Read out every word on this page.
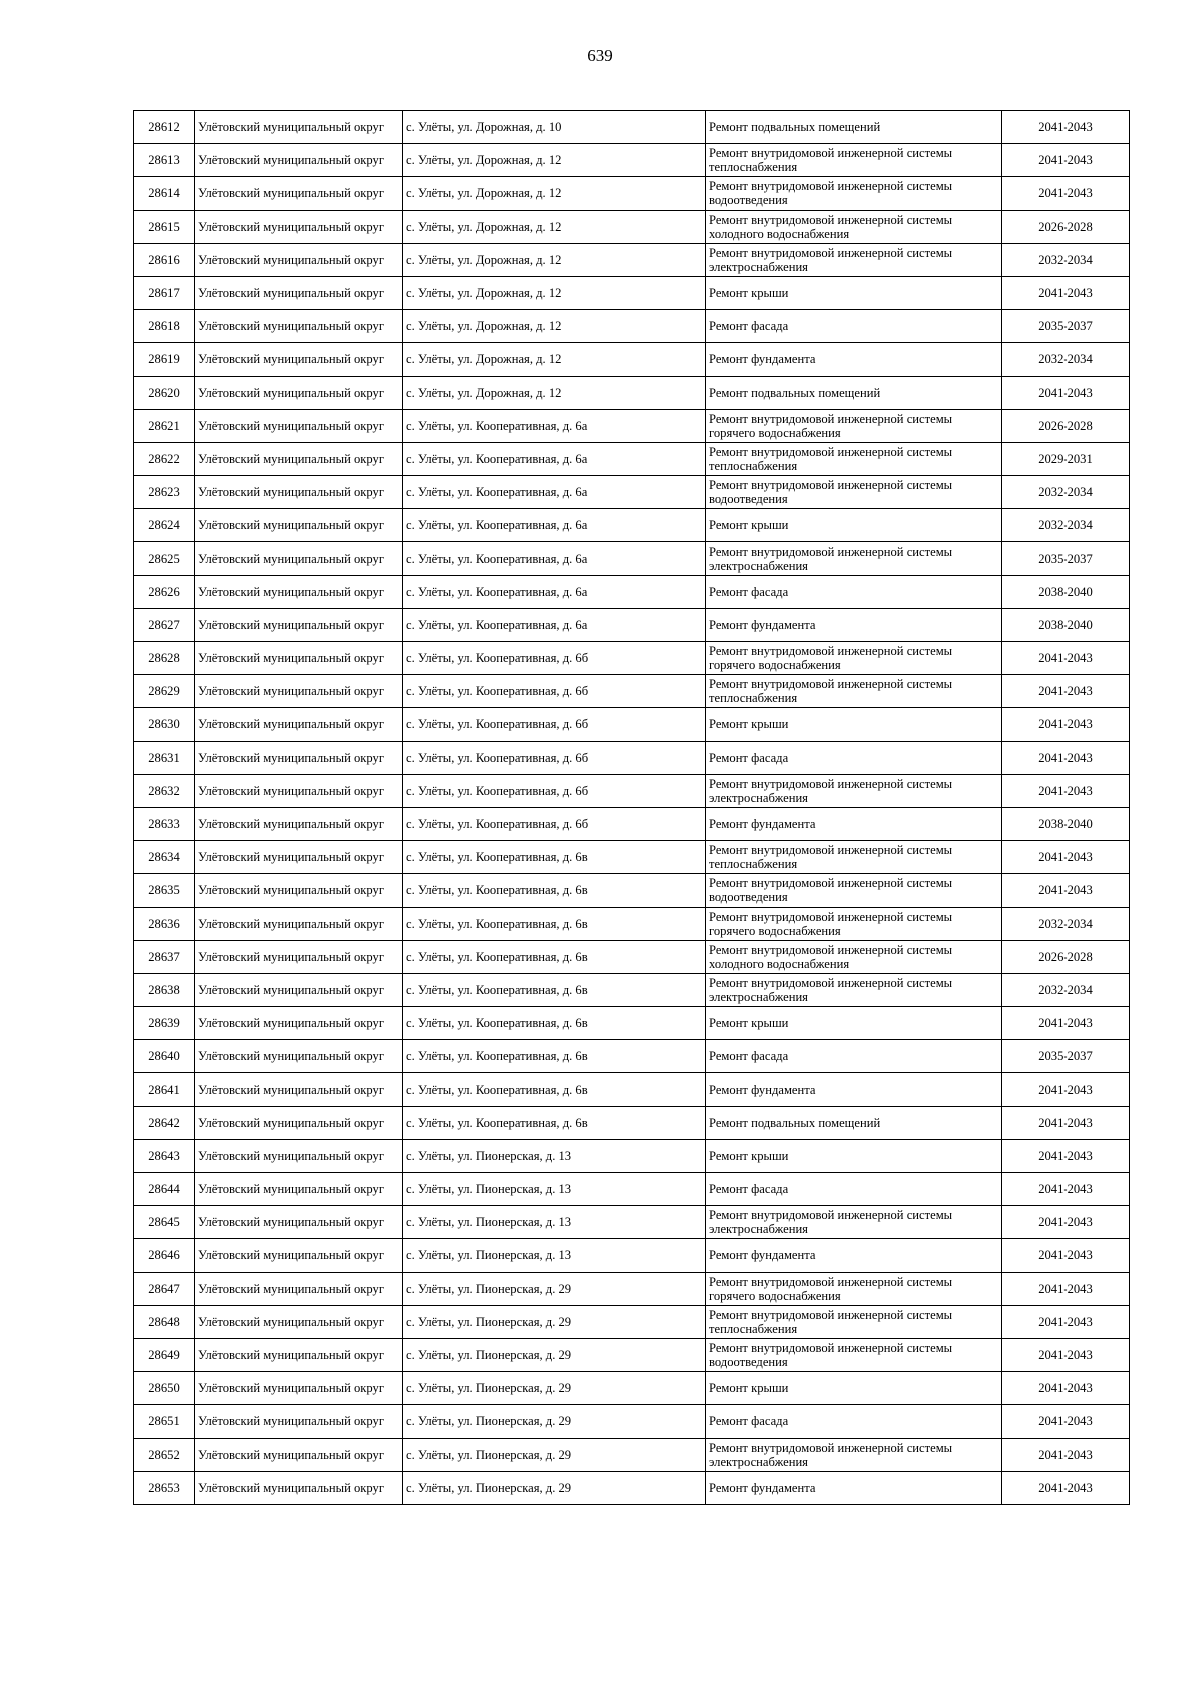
639
28612	Улётовский муниципальный округ	с. Улёты, ул. Дорожная, д. 10	Ремонт подвальных помещений	2041-2043
28613	Улётовский муниципальный округ	с. Улёты, ул. Дорожная, д. 12	Ремонт внутридомовой инженерной системы теплоснабжения	2041-2043
28614	Улётовский муниципальный округ	с. Улёты, ул. Дорожная, д. 12	Ремонт внутридомовой инженерной системы водоотведения	2041-2043
28615	Улётовский муниципальный округ	с. Улёты, ул. Дорожная, д. 12	Ремонт внутридомовой инженерной системы холодного водоснабжения	2026-2028
28616	Улётовский муниципальный округ	с. Улёты, ул. Дорожная, д. 12	Ремонт внутридомовой инженерной системы электроснабжения	2032-2034
28617	Улётовский муниципальный округ	с. Улёты, ул. Дорожная, д. 12	Ремонт крыши	2041-2043
28618	Улётовский муниципальный округ	с. Улёты, ул. Дорожная, д. 12	Ремонт фасада	2035-2037
28619	Улётовский муниципальный округ	с. Улёты, ул. Дорожная, д. 12	Ремонт фундамента	2032-2034
28620	Улётовский муниципальный округ	с. Улёты, ул. Дорожная, д. 12	Ремонт подвальных помещений	2041-2043
28621	Улётовский муниципальный округ	с. Улёты, ул. Кооперативная, д. 6а	Ремонт внутридомовой инженерной системы горячего водоснабжения	2026-2028
28622	Улётовский муниципальный округ	с. Улёты, ул. Кооперативная, д. 6а	Ремонт внутридомовой инженерной системы теплоснабжения	2029-2031
28623	Улётовский муниципальный округ	с. Улёты, ул. Кооперативная, д. 6а	Ремонт внутридомовой инженерной системы водоотведения	2032-2034
28624	Улётовский муниципальный округ	с. Улёты, ул. Кооперативная, д. 6а	Ремонт крыши	2032-2034
28625	Улётовский муниципальный округ	с. Улёты, ул. Кооперативная, д. 6а	Ремонт внутридомовой инженерной системы электроснабжения	2035-2037
28626	Улётовский муниципальный округ	с. Улёты, ул. Кооперативная, д. 6а	Ремонт фасада	2038-2040
28627	Улётовский муниципальный округ	с. Улёты, ул. Кооперативная, д. 6а	Ремонт фундамента	2038-2040
28628	Улётовский муниципальный округ	с. Улёты, ул. Кооперативная, д. 6б	Ремонт внутридомовой инженерной системы горячего водоснабжения	2041-2043
28629	Улётовский муниципальный округ	с. Улёты, ул. Кооперативная, д. 6б	Ремонт внутридомовой инженерной системы теплоснабжения	2041-2043
28630	Улётовский муниципальный округ	с. Улёты, ул. Кооперативная, д. 6б	Ремонт крыши	2041-2043
28631	Улётовский муниципальный округ	с. Улёты, ул. Кооперативная, д. 6б	Ремонт фасада	2041-2043
28632	Улётовский муниципальный округ	с. Улёты, ул. Кооперативная, д. 6б	Ремонт внутридомовой инженерной системы электроснабжения	2041-2043
28633	Улётовский муниципальный округ	с. Улёты, ул. Кооперативная, д. 6б	Ремонт фундамента	2038-2040
28634	Улётовский муниципальный округ	с. Улёты, ул. Кооперативная, д. 6в	Ремонт внутридомовой инженерной системы теплоснабжения	2041-2043
28635	Улётовский муниципальный округ	с. Улёты, ул. Кооперативная, д. 6в	Ремонт внутридомовой инженерной системы водоотведения	2041-2043
28636	Улётовский муниципальный округ	с. Улёты, ул. Кооперативная, д. 6в	Ремонт внутридомовой инженерной системы горячего водоснабжения	2032-2034
28637	Улётовский муниципальный округ	с. Улёты, ул. Кооперативная, д. 6в	Ремонт внутридомовой инженерной системы холодного водоснабжения	2026-2028
28638	Улётовский муниципальный округ	с. Улёты, ул. Кооперативная, д. 6в	Ремонт внутридомовой инженерной системы электроснабжения	2032-2034
28639	Улётовский муниципальный округ	с. Улёты, ул. Кооперативная, д. 6в	Ремонт крыши	2041-2043
28640	Улётовский муниципальный округ	с. Улёты, ул. Кооперативная, д. 6в	Ремонт фасада	2035-2037
28641	Улётовский муниципальный округ	с. Улёты, ул. Кооперативная, д. 6в	Ремонт фундамента	2041-2043
28642	Улётовский муниципальный округ	с. Улёты, ул. Кооперативная, д. 6в	Ремонт подвальных помещений	2041-2043
28643	Улётовский муниципальный округ	с. Улёты, ул. Пионерская, д. 13	Ремонт крыши	2041-2043
28644	Улётовский муниципальный округ	с. Улёты, ул. Пионерская, д. 13	Ремонт фасада	2041-2043
28645	Улётовский муниципальный округ	с. Улёты, ул. Пионерская, д. 13	Ремонт внутридомовой инженерной системы электроснабжения	2041-2043
28646	Улётовский муниципальный округ	с. Улёты, ул. Пионерская, д. 13	Ремонт фундамента	2041-2043
28647	Улётовский муниципальный округ	с. Улёты, ул. Пионерская, д. 29	Ремонт внутридомовой инженерной системы горячего водоснабжения	2041-2043
28648	Улётовский муниципальный округ	с. Улёты, ул. Пионерская, д. 29	Ремонт внутридомовой инженерной системы теплоснабжения	2041-2043
28649	Улётовский муниципальный округ	с. Улёты, ул. Пионерская, д. 29	Ремонт внутридомовой инженерной системы водоотведения	2041-2043
28650	Улётовский муниципальный округ	с. Улёты, ул. Пионерская, д. 29	Ремонт крыши	2041-2043
28651	Улётовский муниципальный округ	с. Улёты, ул. Пионерская, д. 29	Ремонт фасада	2041-2043
28652	Улётовский муниципальный округ	с. Улёты, ул. Пионерская, д. 29	Ремонт внутридомовой инженерной системы электроснабжения	2041-2043
28653	Улётовский муниципальный округ	с. Улёты, ул. Пионерская, д. 29	Ремонт фундамента	2041-2043
